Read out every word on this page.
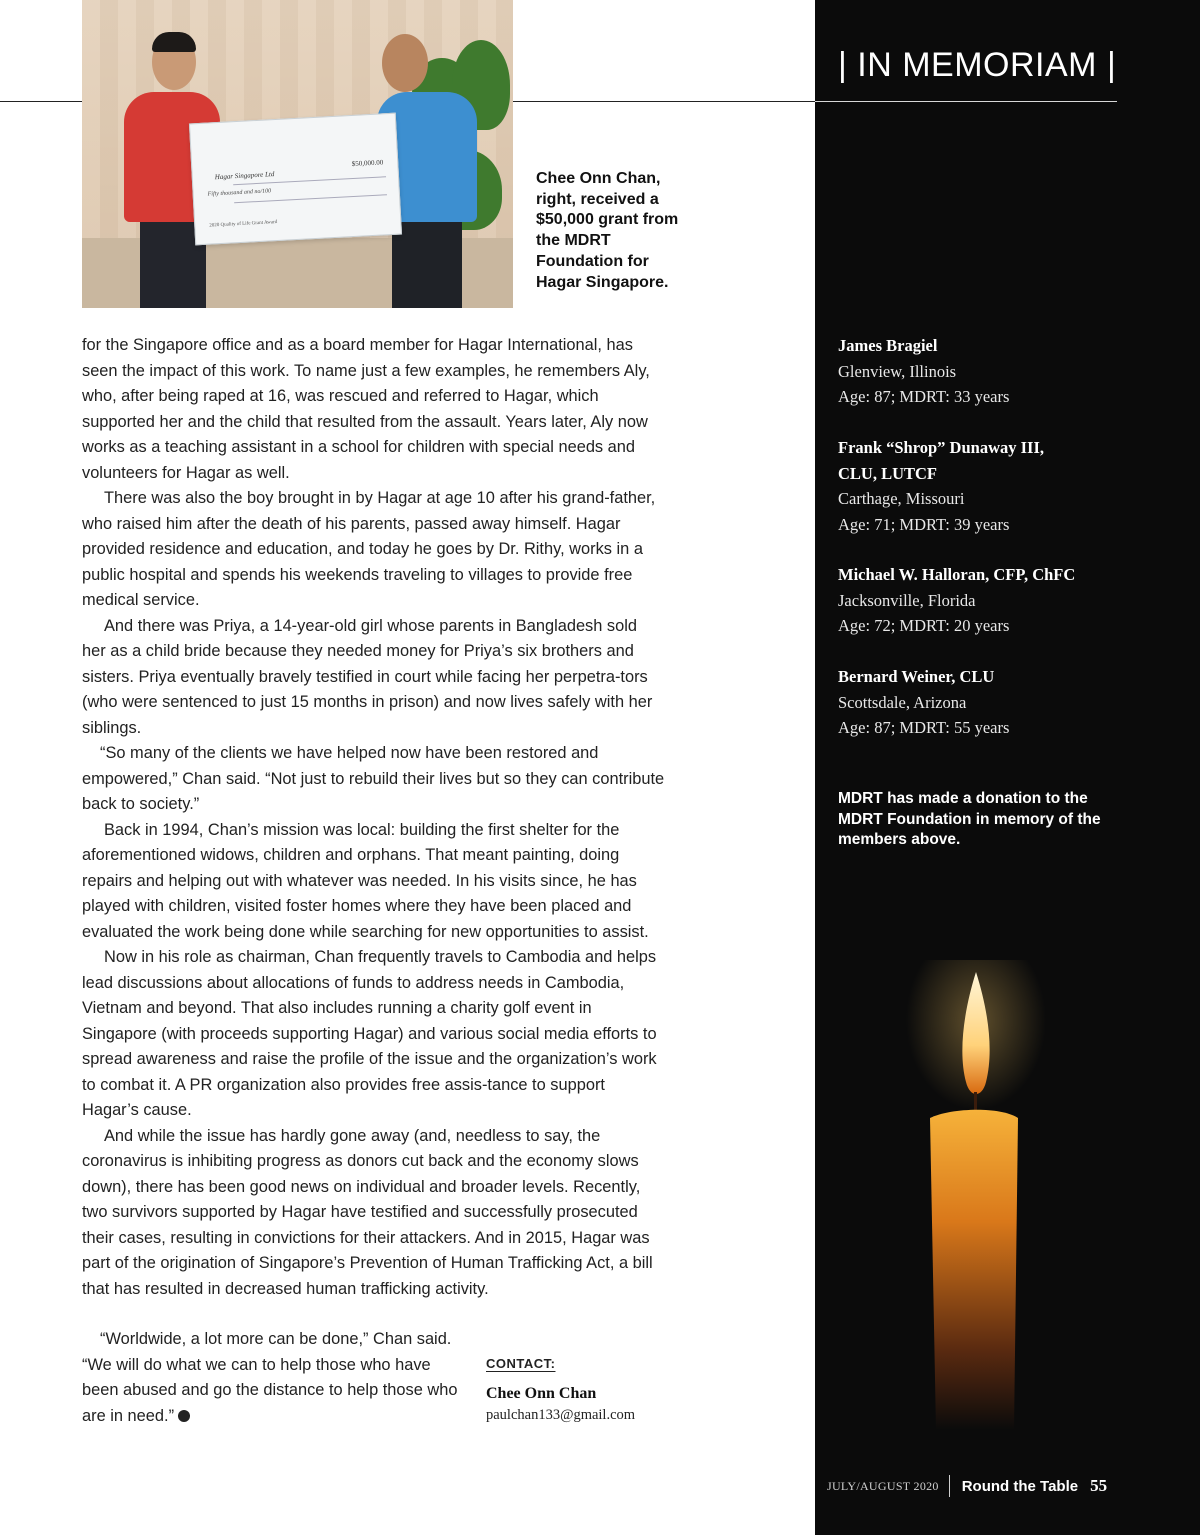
Hagar Singapore Ltd
$50,000.00
Fifty thousand and no/100
2020 Quality of Life Grant Award
Chee Onn Chan, right, received a $50,000 grant from the MDRT Foundation for Hagar Singapore.

for the Singapore office and as a board member for Hagar International, has seen the impact of this work. To name just a few examples, he remembers Aly, who, after being raped at 16, was rescued and referred to Hagar, which supported her and the child that resulted from the assault. Years later, Aly now works as a teaching assistant in a school for children with special needs and volunteers for Hagar as well.

There was also the boy brought in by Hagar at age 10 after his grand-father, who raised him after the death of his parents, passed away himself. Hagar provided residence and education, and today he goes by Dr. Rithy, works in a public hospital and spends his weekends traveling to villages to provide free medical service.

And there was Priya, a 14-year-old girl whose parents in Bangladesh sold her as a child bride because they needed money for Priya’s six brothers and sisters. Priya eventually bravely testified in court while facing her perpetra-tors (who were sentenced to just 15 months in prison) and now lives safely with her siblings.

“So many of the clients we have helped now have been restored and empowered,” Chan said. “Not just to rebuild their lives but so they can contribute back to society.”

Back in 1994, Chan’s mission was local: building the first shelter for the aforementioned widows, children and orphans. That meant painting, doing repairs and helping out with whatever was needed. In his visits since, he has played with children, visited foster homes where they have been placed and evaluated the work being done while searching for new opportunities to assist.

Now in his role as chairman, Chan frequently travels to Cambodia and helps lead discussions about allocations of funds to address needs in Cambodia, Vietnam and beyond. That also includes running a charity golf event in Singapore (with proceeds supporting Hagar) and various social media efforts to spread awareness and raise the profile of the issue and the organization’s work to combat it. A PR organization also provides free assis-tance to support Hagar’s cause.

And while the issue has hardly gone away (and, needless to say, the coronavirus is inhibiting progress as donors cut back and the economy slows down), there has been good news on individual and broader levels. Recently, two survivors supported by Hagar have testified and successfully prosecuted their cases, resulting in convictions for their attackers. And in 2015, Hagar was part of the origination of Singapore’s Prevention of Human Trafficking Act, a bill that has resulted in decreased human trafficking activity.

“Worldwide, a lot more can be done,” Chan said. “We will do what we can to help those who have been abused and go the distance to help those who are in need.”

CONTACT:
Chee Onn Chan
paulchan133@gmail.com
| IN MEMORIAM |
James Bragiel
Glenview, Illinois
Age: 87; MDRT: 33 years
Frank “Shrop” Dunaway III,
CLU, LUTCF
Carthage, Missouri
Age: 71; MDRT: 39 years
Michael W. Halloran, CFP, ChFC
Jacksonville, Florida
Age: 72; MDRT: 20 years
Bernard Weiner, CLU
Scottsdale, Arizona
Age: 87; MDRT: 55 years
MDRT has made a donation to the MDRT Foundation in memory of the members above.
JULY/AUGUST 2020 Round the Table 55
